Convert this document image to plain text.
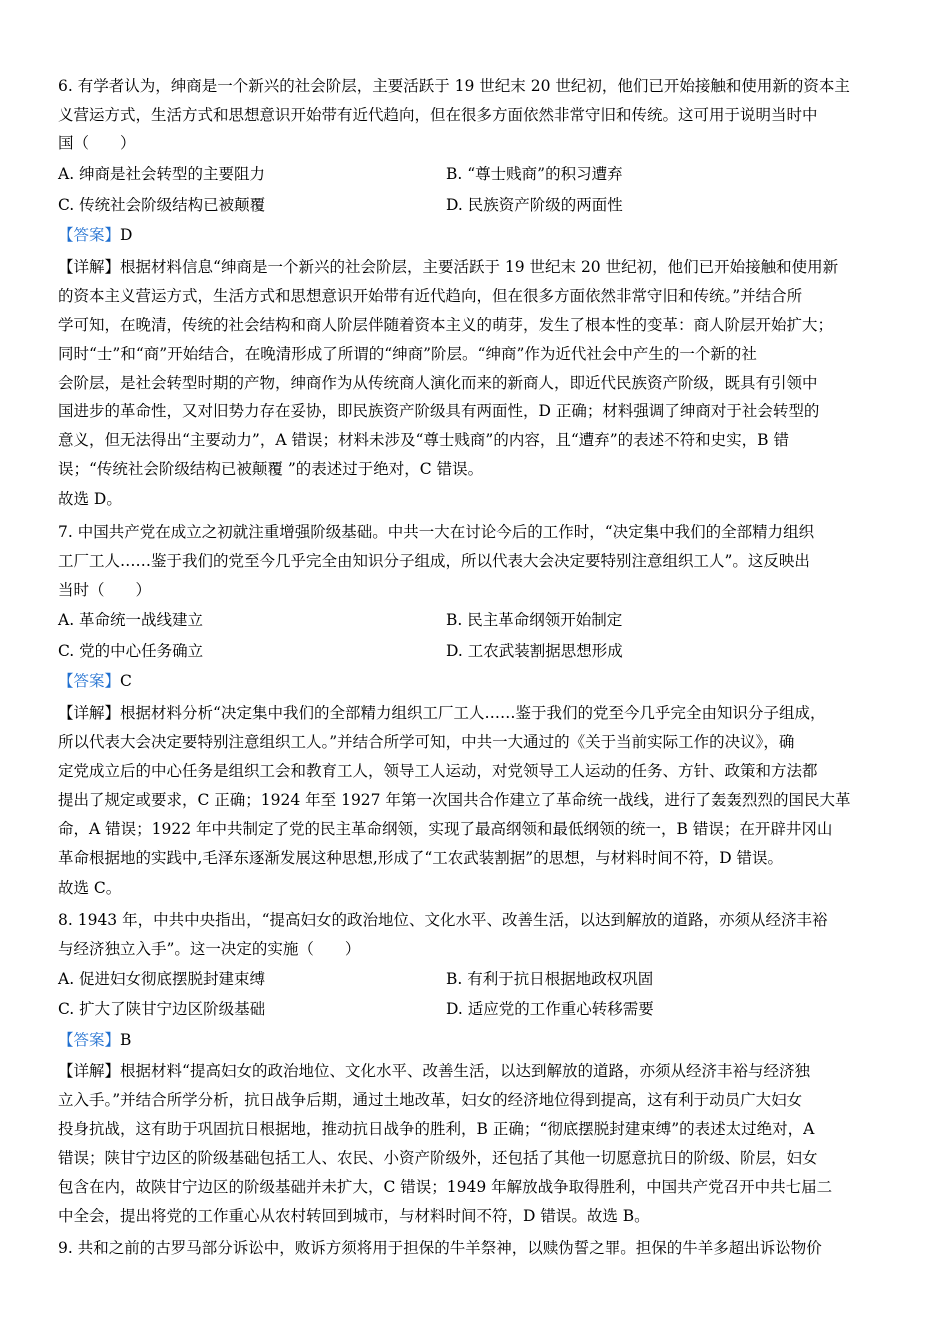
6. 有学者认为，绅商是一个新兴的社会阶层，主要活跃于 19 世纪末 20 世纪初，他们已开始接触和使用新的资本主
义营运方式，生活方式和思想意识开始带有近代趋向，但在很多方面依然非常守旧和传统。这可用于说明当时中
国（　　）
A. 绅商是社会转型的主要阻力	B. “尊士贱商”的积习遭弃
C. 传统社会阶级结构已被颠覆	D. 民族资产阶级的两面性
【答案】D
【详解】根据材料信息“绅商是一个新兴的社会阶层，主要活跃于 19 世纪末 20 世纪初，他们已开始接触和使用新
的资本主义营运方式，生活方式和思想意识开始带有近代趋向，但在很多方面依然非常守旧和传统。”并结合所
学可知，在晚清，传统的社会结构和商人阶层伴随着资本主义的萌芽，发生了根本性的变革：商人阶层开始扩大；
同时“士”和“商”开始结合，在晚清形成了所谓的“绅商”阶层。“绅商”作为近代社会中产生的一个新的社
会阶层，是社会转型时期的产物，绅商作为从传统商人演化而来的新商人，即近代民族资产阶级，既具有引领中
国进步的革命性，又对旧势力存在妥协，即民族资产阶级具有两面性，D 正确；材料强调了绅商对于社会转型的
意义，但无法得出“主要动力”，A 错误；材料未涉及“尊士贱商”的内容，且“遭弃”的表述不符和史实，B 错
误；“传统社会阶级结构已被颠覆 ”的表述过于绝对，C 错误。
故选 D。
7. 中国共产党在成立之初就注重增强阶级基础。中共一大在讨论今后的工作时，“决定集中我们的全部精力组织
工厂工人……鉴于我们的党至今几乎完全由知识分子组成，所以代表大会决定要特别注意组织工人”。这反映出
当时（　　）
A. 革命统一战线建立	B. 民主革命纲领开始制定
C. 党的中心任务确立	D. 工农武装割据思想形成
【答案】C
【详解】根据材料分析“决定集中我们的全部精力组织工厂工人……鉴于我们的党至今几乎完全由知识分子组成，
所以代表大会决定要特别注意组织工人。”并结合所学可知，中共一大通过的《关于当前实际工作的决议》，确
定党成立后的中心任务是组织工会和教育工人，领导工人运动，对党领导工人运动的任务、方针、政策和方法都
提出了规定或要求，C 正确；1924 年至 1927 年第一次国共合作建立了革命统一战线，进行了轰轰烈烈的国民大革
命，A 错误；1922 年中共制定了党的民主革命纲领，实现了最高纲领和最低纲领的统一，B 错误；在开辟井冈山
革命根据地的实践中,毛泽东逐渐发展这种思想,形成了“工农武装割据”的思想，与材料时间不符，D 错误。
故选 C。
8. 1943 年，中共中央指出，“提高妇女的政治地位、文化水平、改善生活，以达到解放的道路，亦须从经济丰裕
与经济独立入手”。这一决定的实施（　　）
A. 促进妇女彻底摆脱封建束缚	B. 有利于抗日根据地政权巩固
C. 扩大了陕甘宁边区阶级基础	D. 适应党的工作重心转移需要
【答案】B
【详解】根据材料“提高妇女的政治地位、文化水平、改善生活，以达到解放的道路，亦须从经济丰裕与经济独
立入手。”并结合所学分析，抗日战争后期，通过土地改革，妇女的经济地位得到提高，这有利于动员广大妇女
投身抗战，这有助于巩固抗日根据地，推动抗日战争的胜利，B 正确；“彻底摆脱封建束缚”的表述太过绝对，A
错误；陕甘宁边区的阶级基础包括工人、农民、小资产阶级外，还包括了其他一切愿意抗日的阶级、阶层，妇女
包含在内，故陕甘宁边区的阶级基础并未扩大，C 错误；1949 年解放战争取得胜利，中国共产党召开中共七届二
中全会，提出将党的工作重心从农村转回到城市，与材料时间不符，D 错误。故选 B。
9. 共和之前的古罗马部分诉讼中，败诉方须将用于担保的牛羊祭神，以赎伪誓之罪。担保的牛羊多超出诉讼物价
